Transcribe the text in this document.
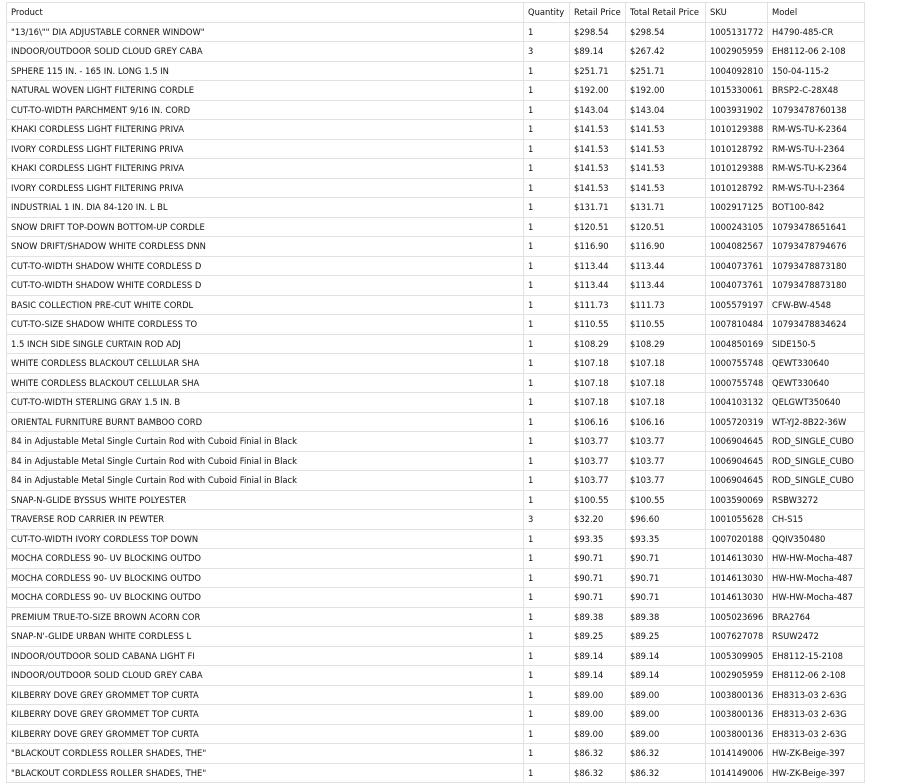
Product	Quantity	Retail Price	Total Retail Price	SKU	Model
"13/16\"" DIA ADJUSTABLE CORNER WINDOW"	1	$298.54	$298.54	1005131772	H4790-485-CR
INDOOR/OUTDOOR SOLID CLOUD GREY CABA	3	$89.14	$267.42	1002905959	EH8112-06 2-108
SPHERE 115 IN. - 165 IN. LONG 1.5 IN	1	$251.71	$251.71	1004092810	150-04-115-2
NATURAL WOVEN LIGHT FILTERING CORDLE	1	$192.00	$192.00	1015330061	BRSP2-C-28X48
CUT-TO-WIDTH PARCHMENT 9/16 IN. CORD	1	$143.04	$143.04	1003931902	10793478760138
KHAKI CORDLESS LIGHT FILTERING PRIVA	1	$141.53	$141.53	1010129388	RM-WS-TU-K-2364
IVORY CORDLESS LIGHT FILTERING PRIVA	1	$141.53	$141.53	1010128792	RM-WS-TU-I-2364
KHAKI CORDLESS LIGHT FILTERING PRIVA	1	$141.53	$141.53	1010129388	RM-WS-TU-K-2364
IVORY CORDLESS LIGHT FILTERING PRIVA	1	$141.53	$141.53	1010128792	RM-WS-TU-I-2364
INDUSTRIAL 1 IN. DIA 84-120 IN. L BL	1	$131.71	$131.71	1002917125	BOT100-842
SNOW DRIFT TOP-DOWN BOTTOM-UP CORDLE	1	$120.51	$120.51	1000243105	10793478651641
SNOW DRIFT/SHADOW WHITE CORDLESS DNN	1	$116.90	$116.90	1004082567	10793478794676
CUT-TO-WIDTH SHADOW WHITE CORDLESS D	1	$113.44	$113.44	1004073761	10793478873180
CUT-TO-WIDTH SHADOW WHITE CORDLESS D	1	$113.44	$113.44	1004073761	10793478873180
BASIC COLLECTION PRE-CUT WHITE CORDL	1	$111.73	$111.73	1005579197	CFW-BW-4548
CUT-TO-SIZE SHADOW WHITE CORDLESS TO	1	$110.55	$110.55	1007810484	10793478834624
1.5 INCH SIDE SINGLE CURTAIN ROD ADJ	1	$108.29	$108.29	1004850169	SIDE150-5
WHITE CORDLESS BLACKOUT CELLULAR SHA	1	$107.18	$107.18	1000755748	QEWT330640
WHITE CORDLESS BLACKOUT CELLULAR SHA	1	$107.18	$107.18	1000755748	QEWT330640
CUT-TO-WIDTH STERLING GRAY 1.5 IN. B	1	$107.18	$107.18	1004103132	QELGWT350640
ORIENTAL FURNITURE BURNT BAMBOO CORD	1	$106.16	$106.16	1005720319	WT-YJ2-8B22-36W
84 in Adjustable Metal Single Curtain Rod with Cuboid Finial in Black	1	$103.77	$103.77	1006904645	ROD_SINGLE_CUBO
84 in Adjustable Metal Single Curtain Rod with Cuboid Finial in Black	1	$103.77	$103.77	1006904645	ROD_SINGLE_CUBO
84 in Adjustable Metal Single Curtain Rod with Cuboid Finial in Black	1	$103.77	$103.77	1006904645	ROD_SINGLE_CUBO
SNAP-N-GLIDE BYSSUS WHITE POLYESTER	1	$100.55	$100.55	1003590069	RSBW3272
TRAVERSE ROD CARRIER IN PEWTER	3	$32.20	$96.60	1001055628	CH-S15
CUT-TO-WIDTH IVORY CORDLESS TOP DOWN	1	$93.35	$93.35	1007020188	QQIV350480
MOCHA CORDLESS 90- UV BLOCKING OUTDO	1	$90.71	$90.71	1014613030	HW-HW-Mocha-487
MOCHA CORDLESS 90- UV BLOCKING OUTDO	1	$90.71	$90.71	1014613030	HW-HW-Mocha-487
MOCHA CORDLESS 90- UV BLOCKING OUTDO	1	$90.71	$90.71	1014613030	HW-HW-Mocha-487
PREMIUM TRUE-TO-SIZE BROWN ACORN COR	1	$89.38	$89.38	1005023696	BRA2764
SNAP-N'-GLIDE URBAN WHITE CORDLESS L	1	$89.25	$89.25	1007627078	RSUW2472
INDOOR/OUTDOOR SOLID CABANA LIGHT FI	1	$89.14	$89.14	1005309905	EH8112-15-2108
INDOOR/OUTDOOR SOLID CLOUD GREY CABA	1	$89.14	$89.14	1002905959	EH8112-06 2-108
KILBERRY DOVE GREY GROMMET TOP CURTA	1	$89.00	$89.00	1003800136	EH8313-03 2-63G
KILBERRY DOVE GREY GROMMET TOP CURTA	1	$89.00	$89.00	1003800136	EH8313-03 2-63G
KILBERRY DOVE GREY GROMMET TOP CURTA	1	$89.00	$89.00	1003800136	EH8313-03 2-63G
"BLACKOUT CORDLESS ROLLER SHADES, THE"	1	$86.32	$86.32	1014149006	HW-ZK-Beige-397
"BLACKOUT CORDLESS ROLLER SHADES, THE"	1	$86.32	$86.32	1014149006	HW-ZK-Beige-397
